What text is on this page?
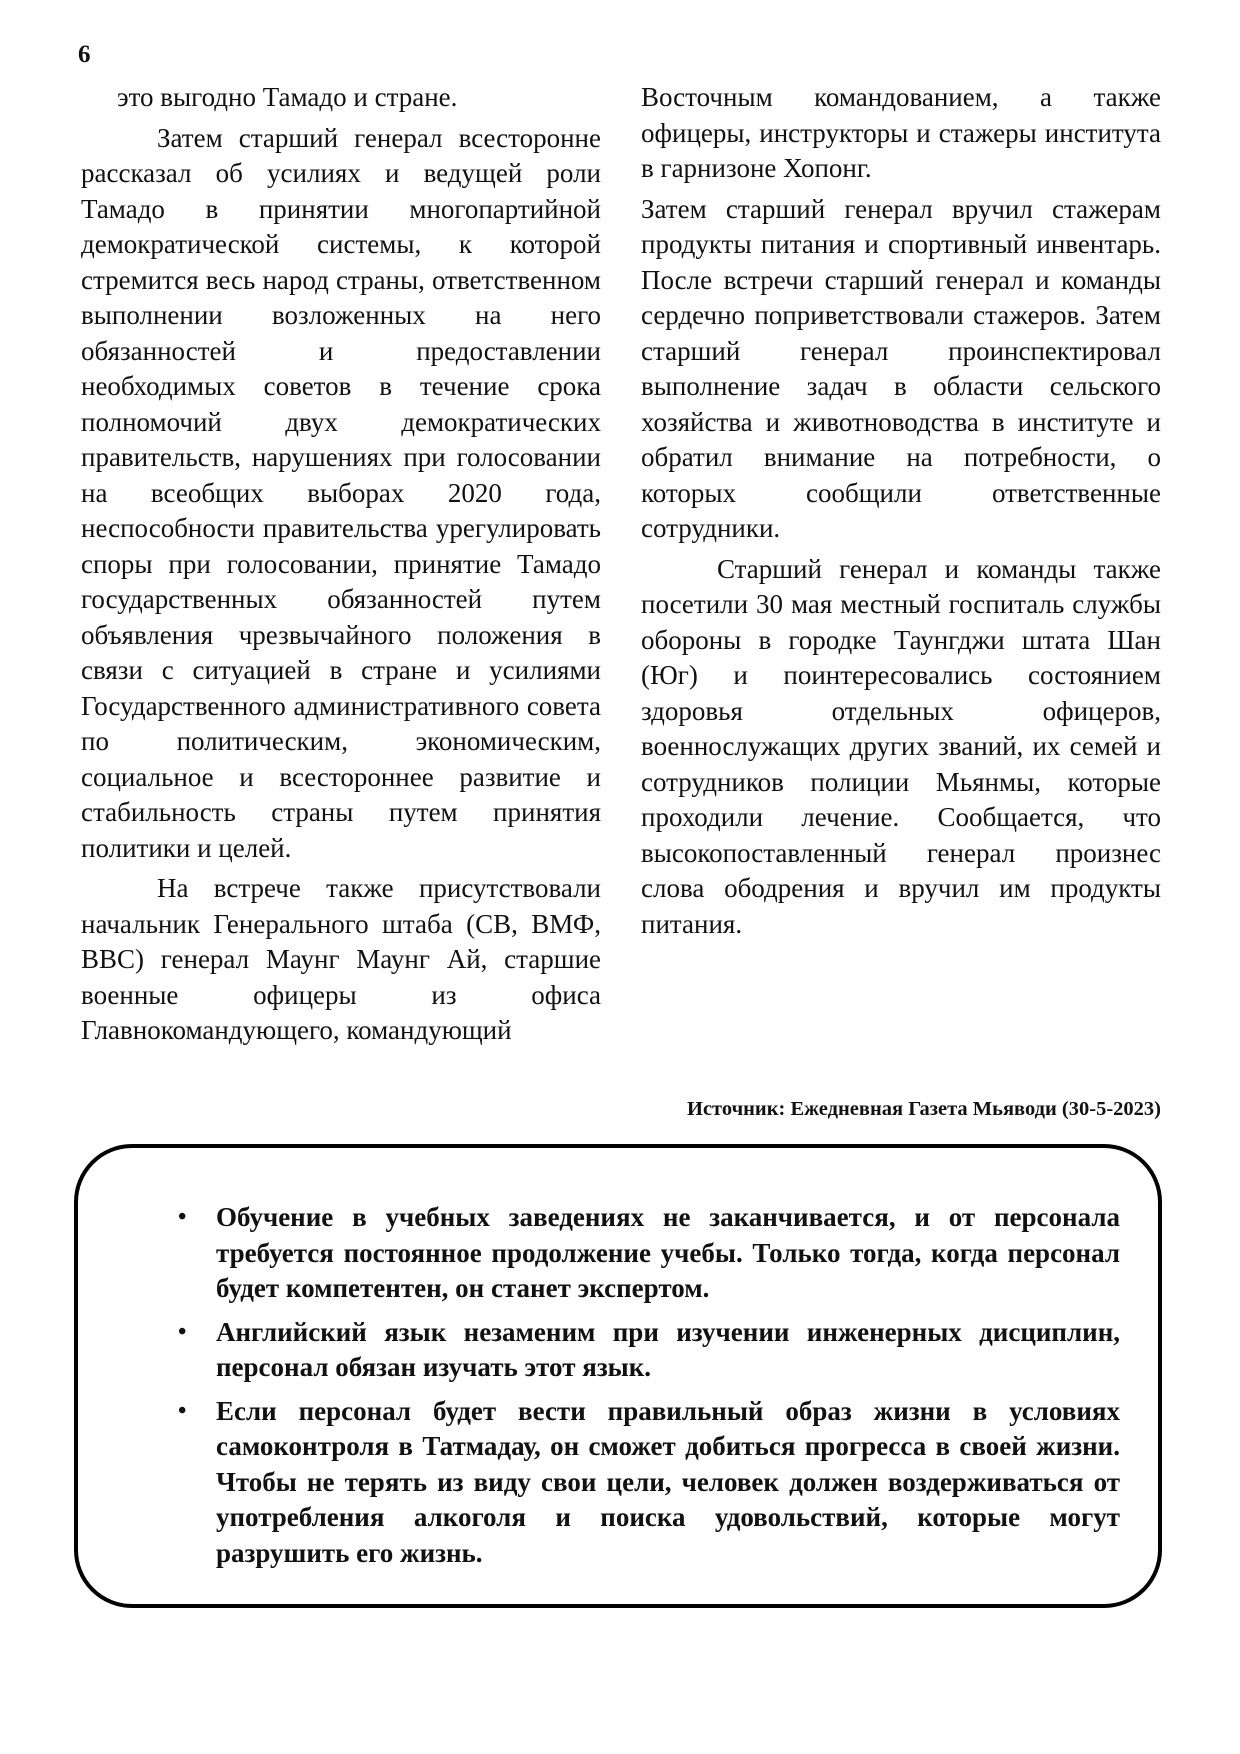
6

это выгодно Тамадо и стране.

Затем старший генерал всесторонне рассказал об усилиях и ведущей роли Тамадо в принятии многопартийной демократической системы, к которой стремится весь народ страны, ответственном выполнении возложенных на него обязанностей и предоставлении необходимых советов в течение срока полномочий двух демократических правительств, нарушениях при голосовании на всеобщих выборах 2020 года, неспособности правительства урегулировать споры при голосовании, принятие Тамадо государственных обязанностей путем объявления чрезвычайного положения в связи с ситуацией в стране и усилиями Государственного административного совета по политическим, экономическим, социальное и всестороннее развитие и стабильность страны путем принятия политики и целей.

На встрече также присутствовали начальник Генерального штаба (СВ, ВМФ, ВВС) генерал Маунг Маунг Ай, старшие военные офицеры из офиса Главнокомандующего, командующий

Восточным командованием, а также офицеры, инструкторы и стажеры института в гарнизоне Хопонг.

Затем старший генерал вручил стажерам продукты питания и спортивный инвентарь. После встречи старший генерал и команды сердечно поприветствовали стажеров. Затем старший генерал проинспектировал выполнение задач в области сельского хозяйства и животноводства в институте и обратил внимание на потребности, о которых сообщили ответственные сотрудники.

Старший генерал и команды также посетили 30 мая местный госпиталь службы обороны в городке Таунгджи штата Шан (Юг) и поинтересовались состоянием здоровья отдельных офицеров, военнослужащих других званий, их семей и сотрудников полиции Мьянмы, которые проходили лечение. Сообщается, что высокопоставленный генерал произнес слова ободрения и вручил им продукты питания.

Источник: Ежедневная Газета Мьяводи (30-5-2023)
• Обучение в учебных заведениях не заканчивается, и от персонала требуется постоянное продолжение учебы. Только тогда, когда персонал будет компетентен, он станет экспертом.
• Английский язык незаменим при изучении инженерных дисциплин, персонал обязан изучать этот язык.
• Если персонал будет вести правильный образ жизни в условиях самоконтроля в Татмадау, он сможет добиться прогресса в своей жизни. Чтобы не терять из виду свои цели, человек должен воздерживаться от употребления алкоголя и поиска удовольствий, которые могут разрушить его жизнь.
